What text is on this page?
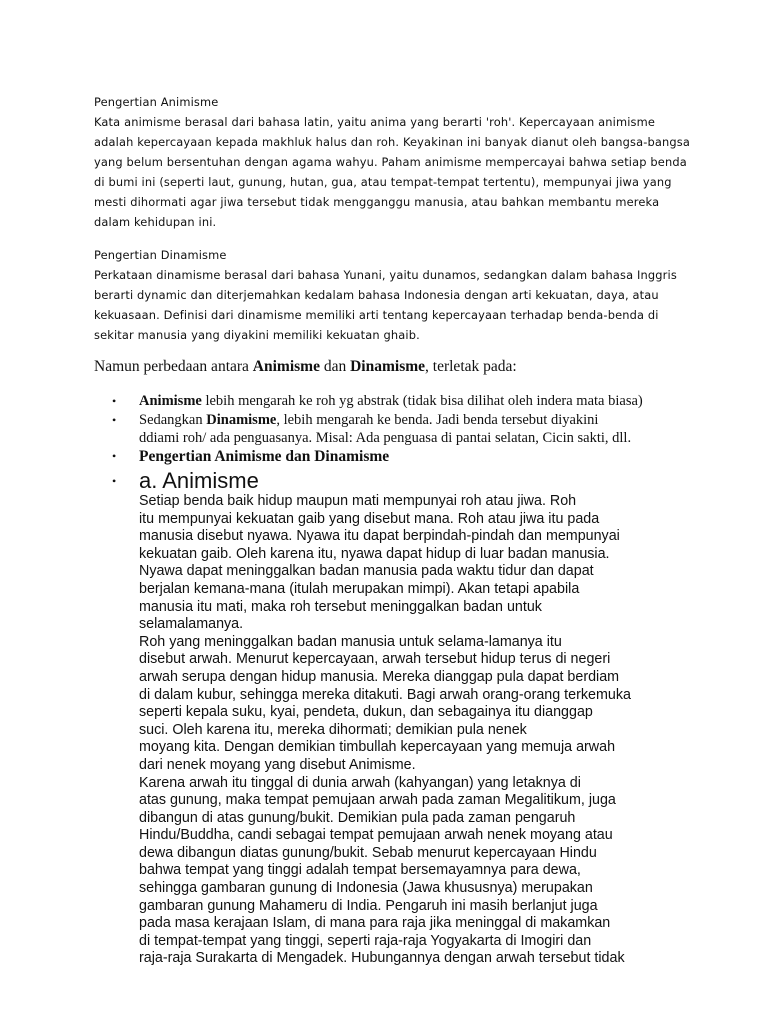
Pengertian Animisme

Kata animisme berasal dari bahasa latin, yaitu anima yang berarti 'roh'. Kepercayaan animisme
adalah kepercayaan kepada makhluk halus dan roh. Keyakinan ini banyak dianut oleh bangsa-bangsa
yang belum bersentuhan dengan agama wahyu. Paham animisme mempercayai bahwa setiap benda
di bumi ini (seperti laut, gunung, hutan, gua, atau tempat-tempat tertentu), mempunyai jiwa yang
mesti dihormati agar jiwa tersebut tidak mengganggu manusia, atau bahkan membantu mereka
dalam kehidupan ini.

Pengertian Dinamisme

Perkataan dinamisme berasal dari bahasa Yunani, yaitu dunamos, sedangkan dalam bahasa Inggris
berarti dynamic dan diterjemahkan kedalam bahasa Indonesia dengan arti kekuatan, daya, atau
kekuasaan. Definisi dari dinamisme memiliki arti tentang kepercayaan terhadap benda-benda di
sekitar manusia yang diyakini memiliki kekuatan ghaib.

Namun perbedaan antara Animisme dan Dinamisme, terletak pada:

• Animisme lebih mengarah ke roh yg abstrak (tidak bisa dilihat oleh indera mata biasa)
• Sedangkan Dinamisme, lebih mengarah ke benda. Jadi benda tersebut diyakini
ddiami roh/ ada penguasanya. Misal: Ada penguasa di pantai selatan, Cicin sakti, dll.
• Pengertian Animisme dan Dinamisme
• a. Animisme
Setiap benda baik hidup maupun mati mempunyai roh atau jiwa. Roh
itu mempunyai kekuatan gaib yang disebut mana. Roh atau jiwa itu pada
manusia disebut nyawa. Nyawa itu dapat berpindah-pindah dan mempunyai
kekuatan gaib. Oleh karena itu, nyawa dapat hidup di luar badan manusia.
Nyawa dapat meninggalkan badan manusia pada waktu tidur dan dapat
berjalan kemana-mana (itulah merupakan mimpi). Akan tetapi apabila
manusia itu mati, maka roh tersebut meninggalkan badan untuk
selamalamanya.
Roh yang meninggalkan badan manusia untuk selama-lamanya itu
disebut arwah. Menurut kepercayaan, arwah tersebut hidup terus di negeri
arwah serupa dengan hidup manusia. Mereka dianggap pula dapat berdiam
di dalam kubur, sehingga mereka ditakuti. Bagi arwah orang-orang terkemuka
seperti kepala suku, kyai, pendeta, dukun, dan sebagainya itu dianggap
suci. Oleh karena itu, mereka dihormati; demikian pula nenek
moyang kita. Dengan demikian timbullah kepercayaan yang memuja arwah
dari nenek moyang yang disebut Animisme.
Karena arwah itu tinggal di dunia arwah (kahyangan) yang letaknya di
atas gunung, maka tempat pemujaan arwah pada zaman Megalitikum, juga
dibangun di atas gunung/bukit. Demikian pula pada zaman pengaruh
Hindu/Buddha, candi sebagai tempat pemujaan arwah nenek moyang atau
dewa dibangun diatas gunung/bukit. Sebab menurut kepercayaan Hindu
bahwa tempat yang tinggi adalah tempat bersemayamnya para dewa,
sehingga gambaran gunung di Indonesia (Jawa khususnya) merupakan
gambaran gunung Mahameru di India. Pengaruh ini masih berlanjut juga
pada masa kerajaan Islam, di mana para raja jika meninggal di makamkan
di tempat-tempat yang tinggi, seperti raja-raja Yogyakarta di Imogiri dan
raja-raja Surakarta di Mengadek. Hubungannya dengan arwah tersebut tidak
